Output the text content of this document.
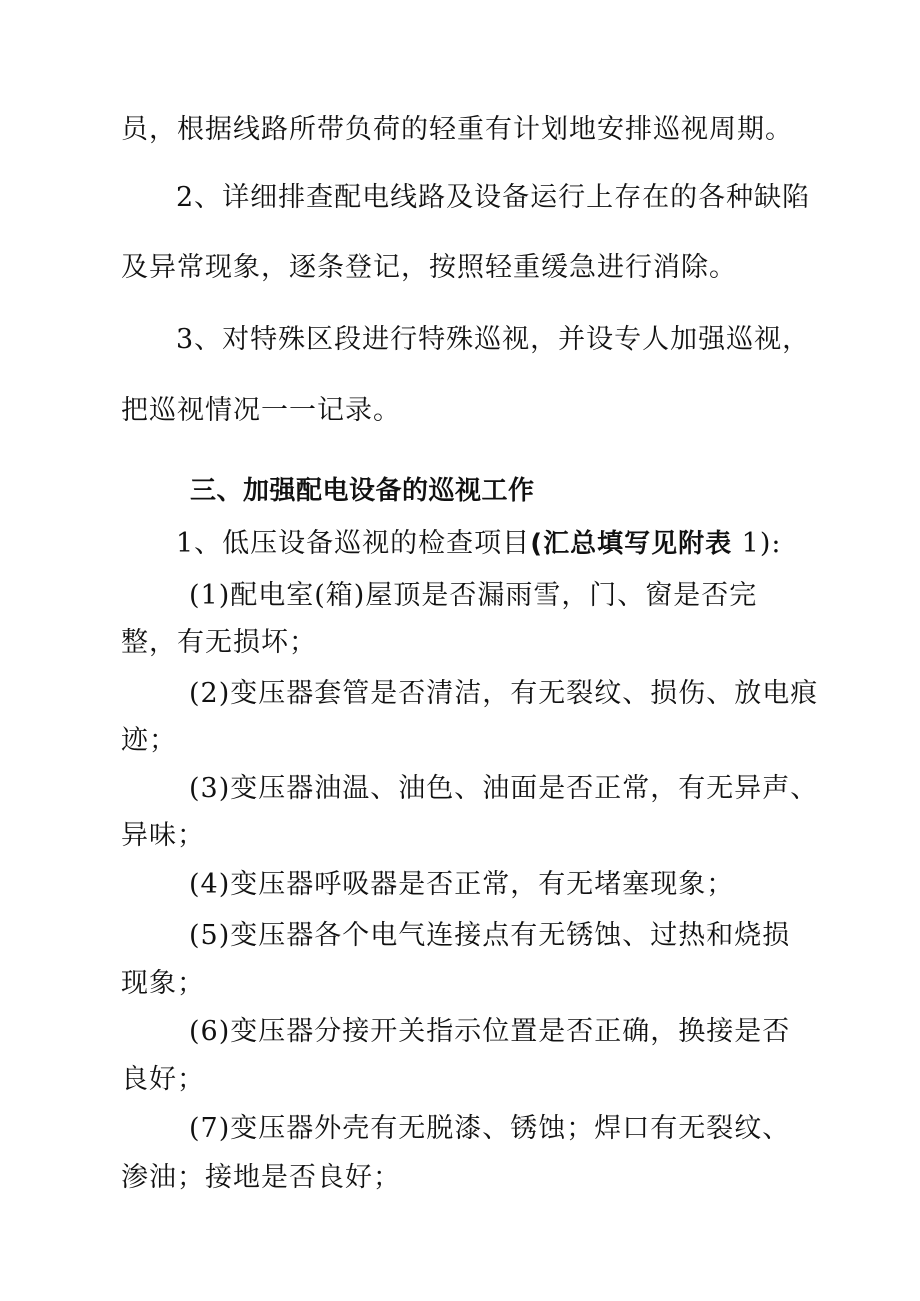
员，根据线路所带负荷的轻重有计划地安排巡视周期。
2、详细排查配电线路及设备运行上存在的各种缺陷
及异常现象，逐条登记，按照轻重缓急进行消除。
3、对特殊区段进行特殊巡视，并设专人加强巡视，
把巡视情况一一记录。
三、加强配电设备的巡视工作
1、低压设备巡视的检查项目(汇总填写见附表 1):
(1)配电室(箱)屋顶是否漏雨雪，门、窗是否完
整，有无损坏；
(2)变压器套管是否清洁，有无裂纹、损伤、放电痕
迹；
(3)变压器油温、油色、油面是否正常，有无异声、
异味；
(4)变压器呼吸器是否正常，有无堵塞现象；
(5)变压器各个电气连接点有无锈蚀、过热和烧损
现象；
(6)变压器分接开关指示位置是否正确，换接是否
良好；
(7)变压器外壳有无脱漆、锈蚀；焊口有无裂纹、
渗油；接地是否良好；
